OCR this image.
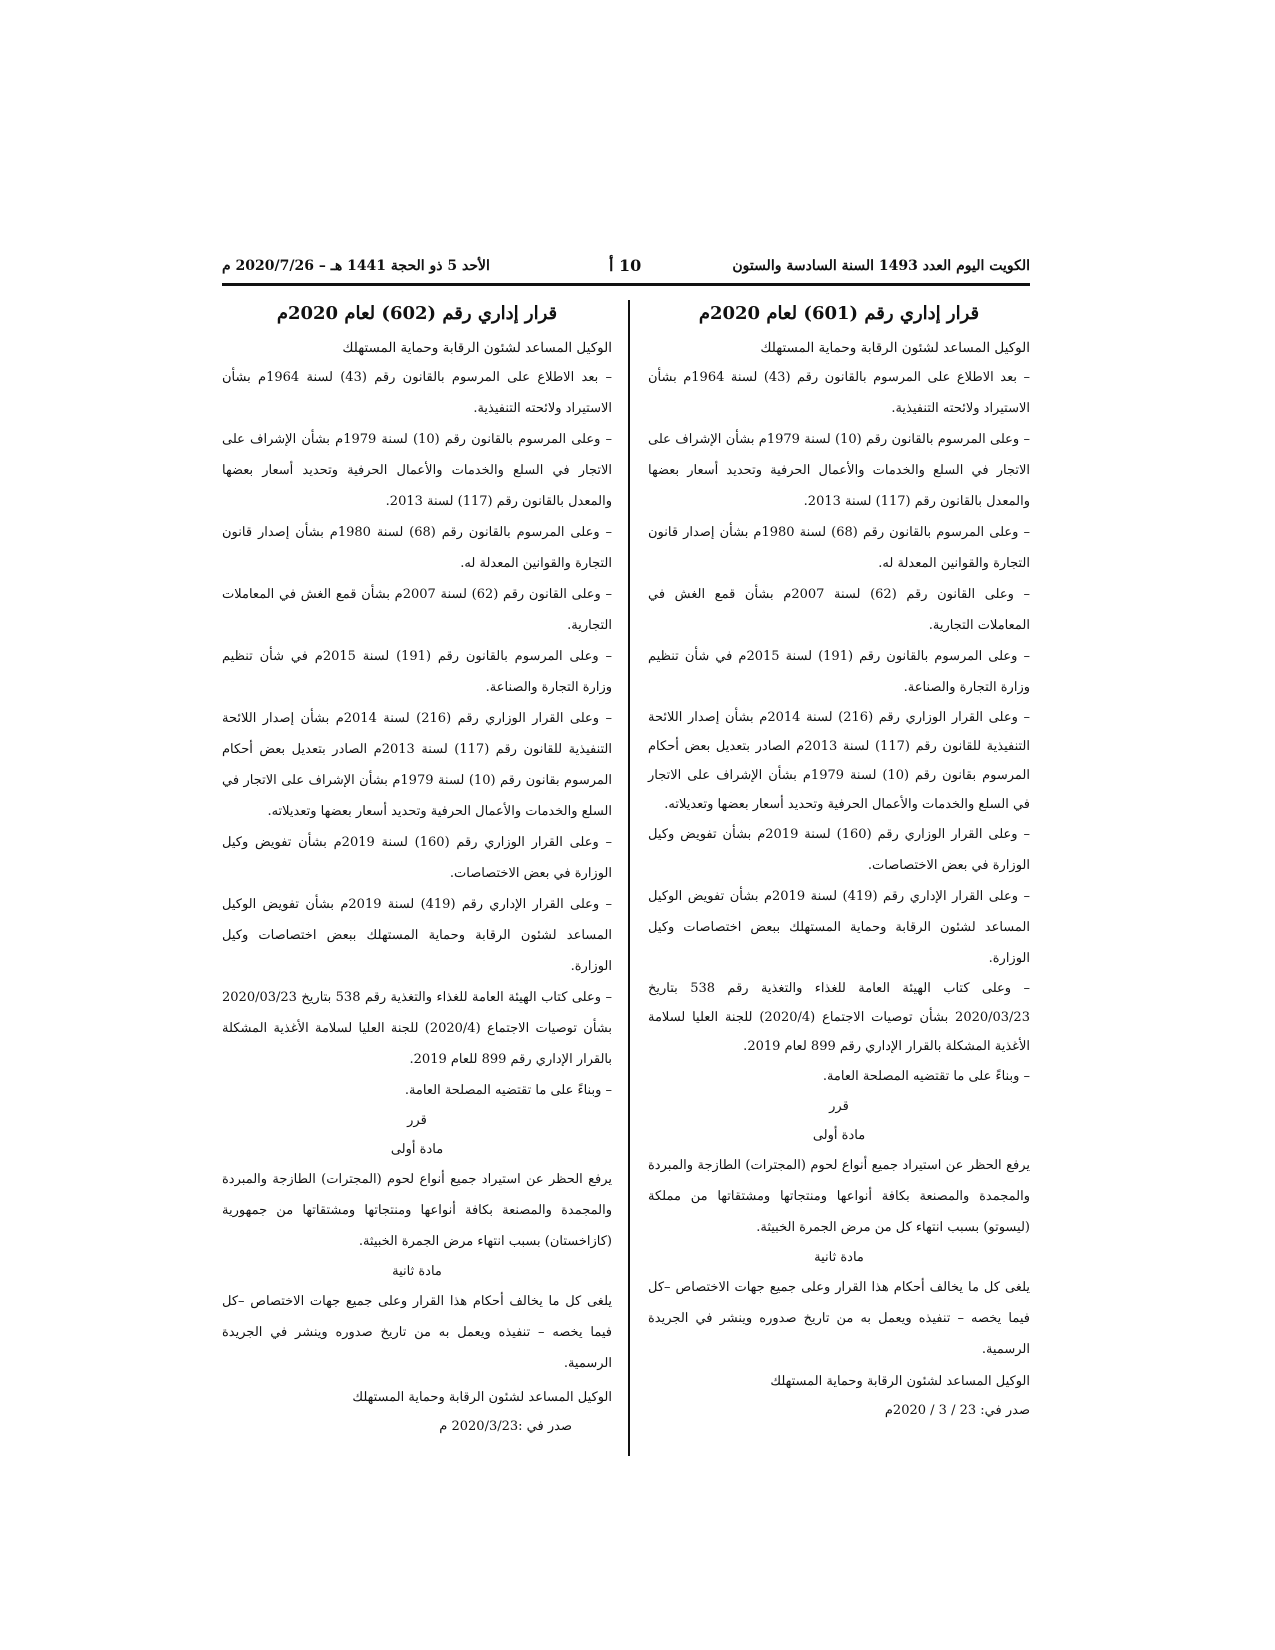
الكويت اليوم العدد 1493 السنة السادسة والستون
10 أ
الأحد 5 ذو الحجة 1441 هـ – 2020/7/26 م
قرار إداري رقم (601) لعام 2020م
الوكيل المساعد لشئون الرقابة وحماية المستهلك

– بعد الاطلاع على المرسوم بالقانون رقم (43) لسنة 1964م بشأن الاستيراد ولائحته التنفيذية.

– وعلى المرسوم بالقانون رقم (10) لسنة 1979م بشأن الإشراف على الاتجار في السلع والخدمات والأعمال الحرفية وتحديد أسعار بعضها والمعدل بالقانون رقم (117) لسنة 2013.

– وعلى المرسوم بالقانون رقم (68) لسنة 1980م بشأن إصدار قانون التجارة والقوانين المعدلة له.

– وعلى القانون رقم (62) لسنة 2007م بشأن قمع الغش في المعاملات التجارية.

– وعلى المرسوم بالقانون رقم (191) لسنة 2015م في شأن تنظيم وزارة التجارة والصناعة.

– وعلى القرار الوزاري رقم (216) لسنة 2014م بشأن إصدار اللائحة التنفيذية للقانون رقم (117) لسنة 2013م الصادر بتعديل بعض أحكام المرسوم بقانون رقم (10) لسنة 1979م بشأن الإشراف على الاتجار في السلع والخدمات والأعمال الحرفية وتحديد أسعار بعضها وتعديلاته.

– وعلى القرار الوزاري رقم (160) لسنة 2019م بشأن تفويض وكيل الوزارة في بعض الاختصاصات.

– وعلى القرار الإداري رقم (419) لسنة 2019م بشأن تفويض الوكيل المساعد لشئون الرقابة وحماية المستهلك ببعض اختصاصات وكيل الوزارة.

– وعلى كتاب الهيئة العامة للغذاء والتغذية رقم 538 بتاريخ 2020/03/23 بشأن توصيات الاجتماع (2020/4) للجنة العليا لسلامة الأغذية المشكلة بالقرار الإداري رقم 899 لعام 2019.

– وبناءً على ما تقتضيه المصلحة العامة.

قرر
مادة أولى

يرفع الحظر عن استيراد جميع أنواع لحوم (المجترات) الطازجة والمبردة والمجمدة والمصنعة بكافة أنواعها ومنتجاتها ومشتقاتها من مملكة (ليسوتو) بسبب انتهاء كل من مرض الجمرة الخبيثة.

مادة ثانية

يلغى كل ما يخالف أحكام هذا القرار وعلى جميع جهات الاختصاص –كل فيما يخصه – تنفيذه ويعمل به من تاريخ صدوره وينشر في الجريدة الرسمية.

الوكيل المساعد لشئون الرقابة وحماية المستهلك
صدر في: 23 / 3 / 2020م
قرار إداري رقم (602) لعام 2020م
الوكيل المساعد لشئون الرقابة وحماية المستهلك

– بعد الاطلاع على المرسوم بالقانون رقم (43) لسنة 1964م بشأن الاستيراد ولائحته التنفيذية.

– وعلى المرسوم بالقانون رقم (10) لسنة 1979م بشأن الإشراف على الاتجار في السلع والخدمات والأعمال الحرفية وتحديد أسعار بعضها والمعدل بالقانون رقم (117) لسنة 2013.

– وعلى المرسوم بالقانون رقم (68) لسنة 1980م بشأن إصدار قانون التجارة والقوانين المعدلة له.

– وعلى القانون رقم (62) لسنة 2007م بشأن قمع الغش في المعاملات التجارية.

– وعلى المرسوم بالقانون رقم (191) لسنة 2015م في شأن تنظيم وزارة التجارة والصناعة.

– وعلى القرار الوزاري رقم (216) لسنة 2014م بشأن إصدار اللائحة التنفيذية للقانون رقم (117) لسنة 2013م الصادر بتعديل بعض أحكام المرسوم بقانون رقم (10) لسنة 1979م بشأن الإشراف على الاتجار في السلع والخدمات والأعمال الحرفية وتحديد أسعار بعضها وتعديلاته.

– وعلى القرار الوزاري رقم (160) لسنة 2019م بشأن تفويض وكيل الوزارة في بعض الاختصاصات.

– وعلى القرار الإداري رقم (419) لسنة 2019م بشأن تفويض الوكيل المساعد لشئون الرقابة وحماية المستهلك ببعض اختصاصات وكيل الوزارة.

– وعلى كتاب الهيئة العامة للغذاء والتغذية رقم 538 بتاريخ 2020/03/23 بشأن توصيات الاجتماع (2020/4) للجنة العليا لسلامة الأغذية المشكلة بالقرار الإداري رقم 899 للعام 2019.

– وبناءً على ما تقتضيه المصلحة العامة.

قرر
مادة أولى

يرفع الحظر عن استيراد جميع أنواع لحوم (المجترات) الطازجة والمبردة والمجمدة والمصنعة بكافة أنواعها ومنتجاتها ومشتقاتها من جمهورية (كازاخستان) بسبب انتهاء مرض الجمرة الخبيثة.

مادة ثانية

يلغى كل ما يخالف أحكام هذا القرار وعلى جميع جهات الاختصاص –كل فيما يخصه – تنفيذه ويعمل به من تاريخ صدوره وينشر في الجريدة الرسمية.

الوكيل المساعد لشئون الرقابة وحماية المستهلك
صدر في :2020/3/23 م
